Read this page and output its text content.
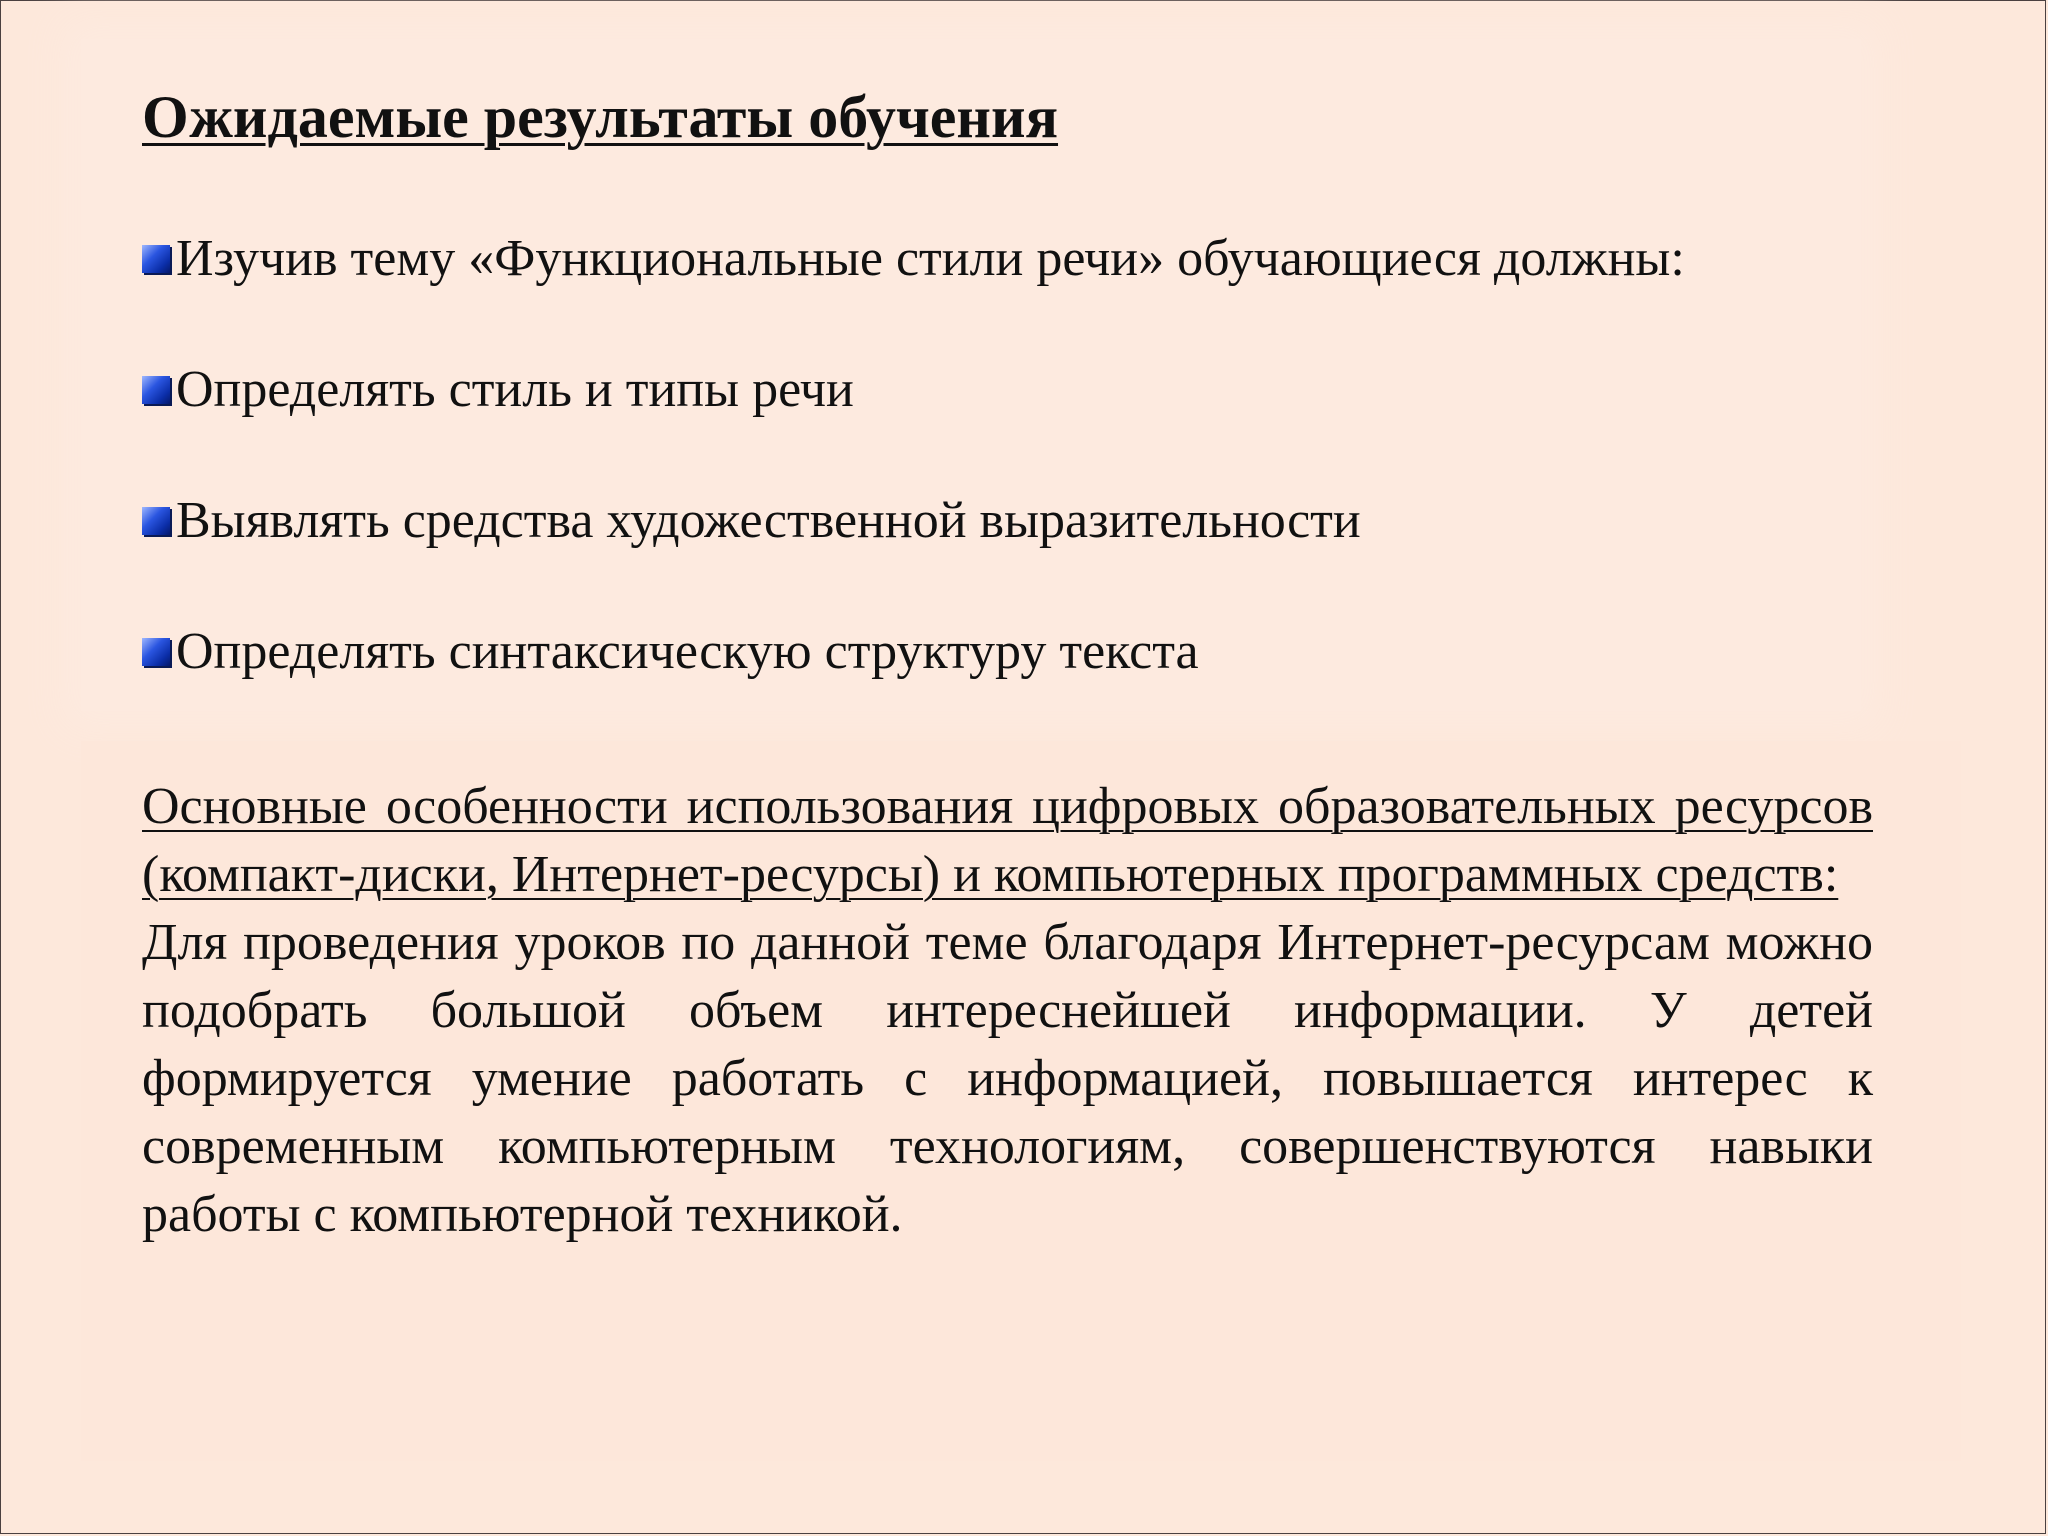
Ожидаемые результаты обучения
Изучив тему «Функциональные стили речи» обучающиеся должны:
Определять стиль и типы речи
Выявлять средства художественной выразительности
Определять синтаксическую структуру текста

Основные особенности использования цифровых образовательных ресурсов (компакт-диски, Интернет-ресурсы) и компьютерных программных средств:

Для проведения уроков по данной теме благодаря Интернет-ресурсам можно подобрать большой объем интереснейшей информации. У детей формируется умение работать с информацией, повышается интерес к современным компьютерным технологиям, совершенствуются навыки работы с компьютерной техникой.
